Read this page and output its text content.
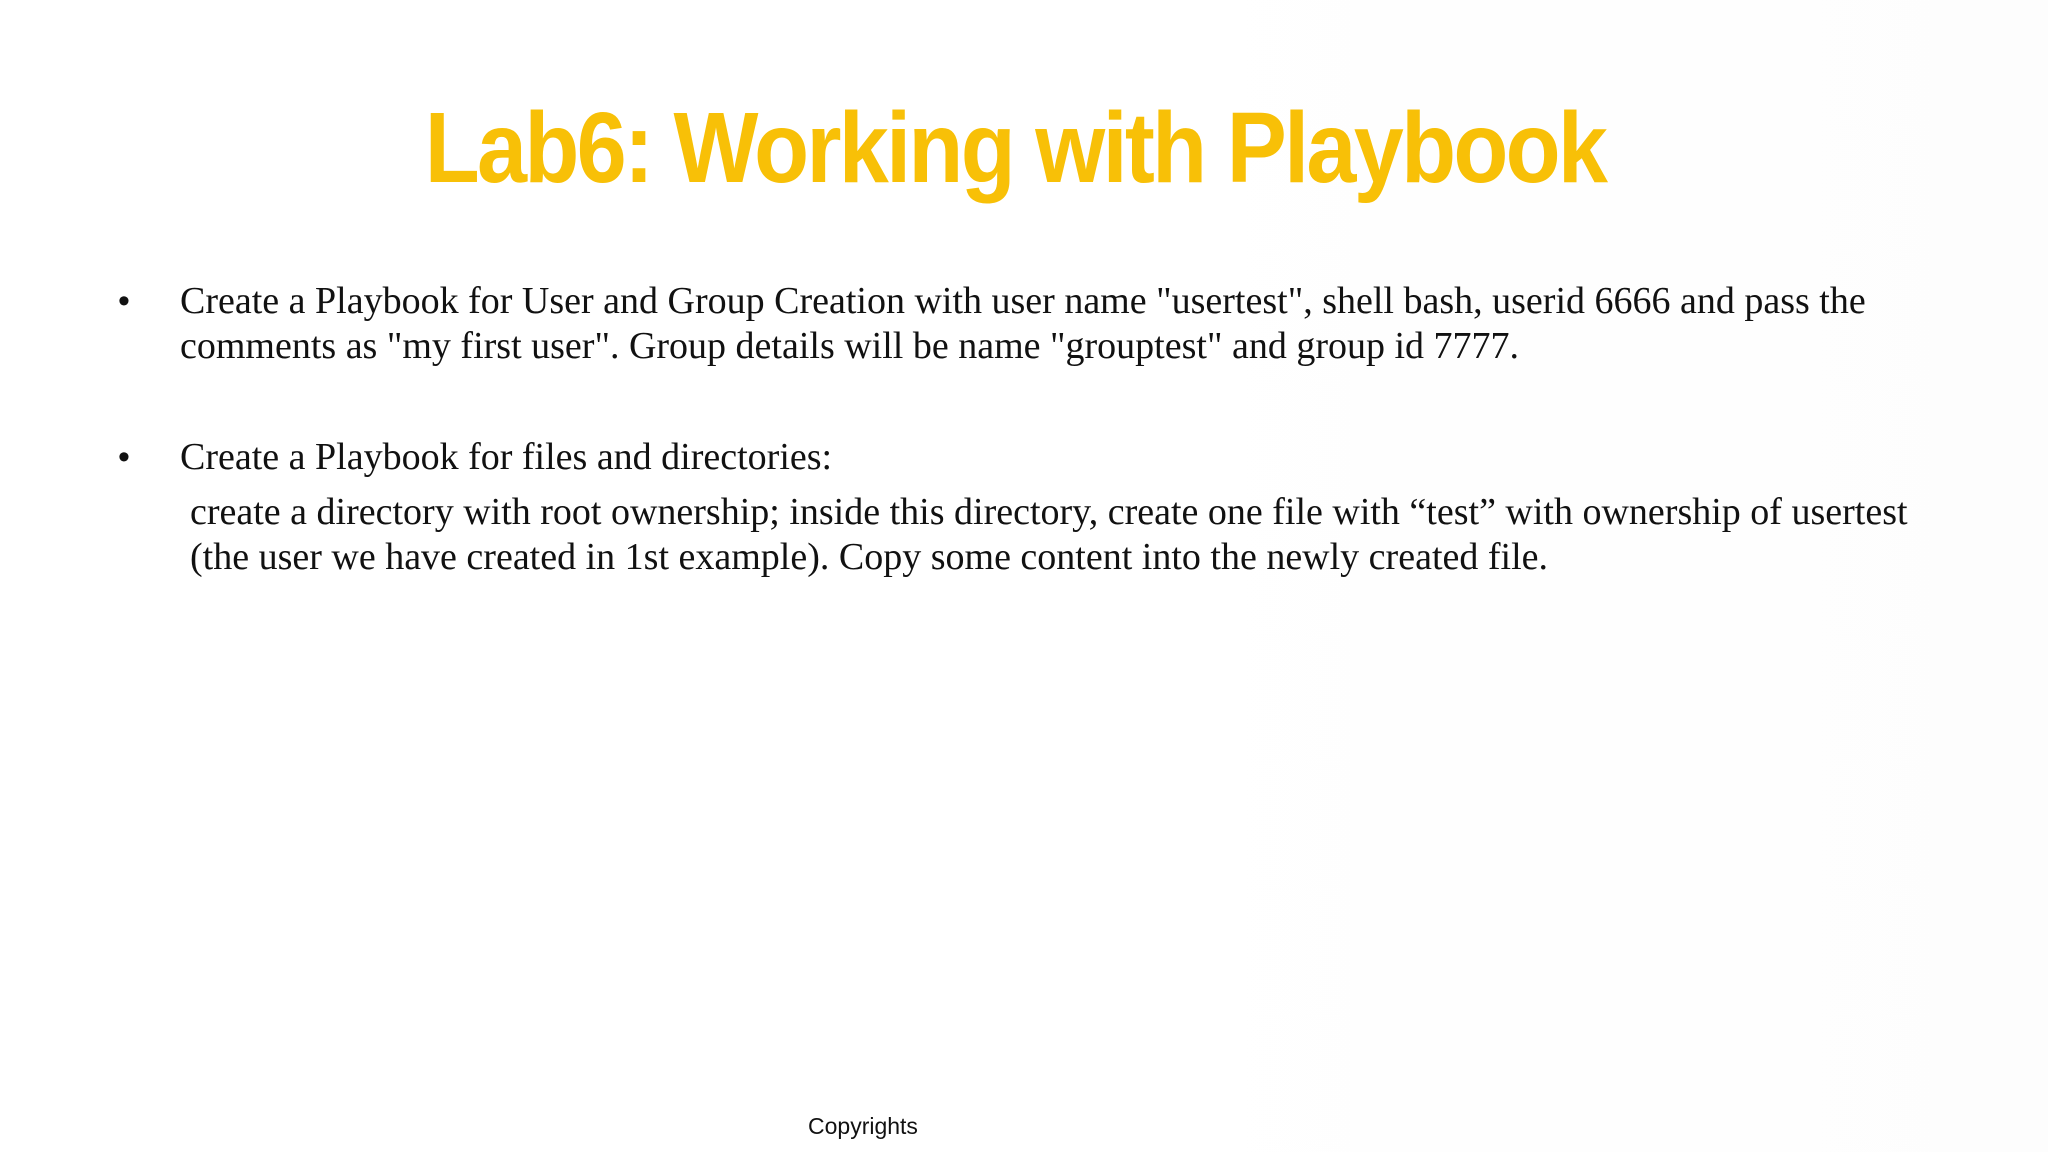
Lab6: Working with Playbook
• Create a Playbook for User and Group Creation with user name "usertest", shell bash, userid 6666 and pass the comments as "my first user". Group details will be name "grouptest" and group id 7777.
• Create a Playbook for files and directories:
create a directory with root ownership; inside this directory, create one file with “test” with ownership of usertest (the user we have created in 1st example). Copy some content into the newly created file.
Copyrights
